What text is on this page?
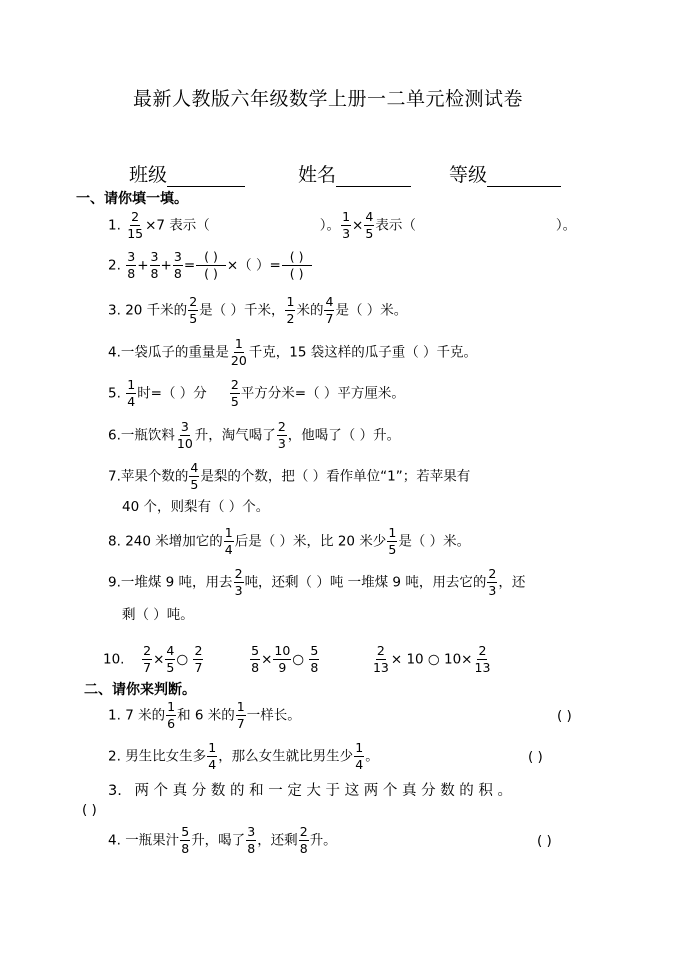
最新人教版六年级数学上册一二单元检测试卷
班级	姓名	等级
一、请你填一填。
1. $\frac{2}{15} \times 7$ 表示（	）。 $\frac{1}{3} \times \frac{4}{5}$ 表示（	）。
2. $\frac{3}{8} + \frac{3}{8} + \frac{3}{8} = \frac{( )}{( )}$ ×（ ）= $\frac{( )}{( )}$
3. 20 千米的 $\frac{2}{5}$ 是（ ）千米， $\frac{1}{2}$ 米的 $\frac{4}{7}$ 是（ ）米。
4.一袋瓜子的重量是 $\frac{1}{20}$ 千克，15 袋这样的瓜子重（ ）千克。
5. $\frac{1}{4}$ 时=（ ）分 $\frac{2}{5}$ 平方分米=（ ）平方厘米。
6.一瓶饮料 $\frac{3}{10}$ 升，淘气喝了 $\frac{2}{3}$ ，他喝了（ ）升。
7.苹果个数的 $\frac{4}{5}$ 是梨的个数，把（ ）看作单位“1”；若苹果有
40 个，则梨有（ ）个。
8. 240 米增加它的 $\frac{1}{4}$ 后是（ ）米，比 20 米少 $\frac{1}{5}$ 是（ ）米。
9.一堆煤 9 吨，用去 $\frac{2}{3}$ 吨，还剩（ ）吨 一堆煤 9 吨，用去它的 $\frac{2}{3}$ ，还
剩（ ）吨。
10. $\frac{2}{7} \times \frac{4}{5}$ ○ $\frac{2}{7}$
	$\frac{5}{8} \times \frac{10}{9}$ ○ $\frac{5}{8}$
	$\frac{2}{13} \times 10$ ○ $10\times \frac{2}{13}$
二、请你来判断。
1. 7 米的 $\frac{1}{6}$ 和 6 米的 $\frac{1}{7}$ 一样长。	( )
2. 男生比女生多 $\frac{1}{4}$ ，那么女生就比男生少 $\frac{1}{4}$ 。	( )
3. 两 个 真 分 数 的 和 一 定 大 于 这 两 个 真 分 数 的 积 。
( )
4. 一瓶果汁 $\frac{5}{8}$ 升，喝了 $\frac{3}{8}$ ，还剩 $\frac{2}{8}$ 升。	( )
